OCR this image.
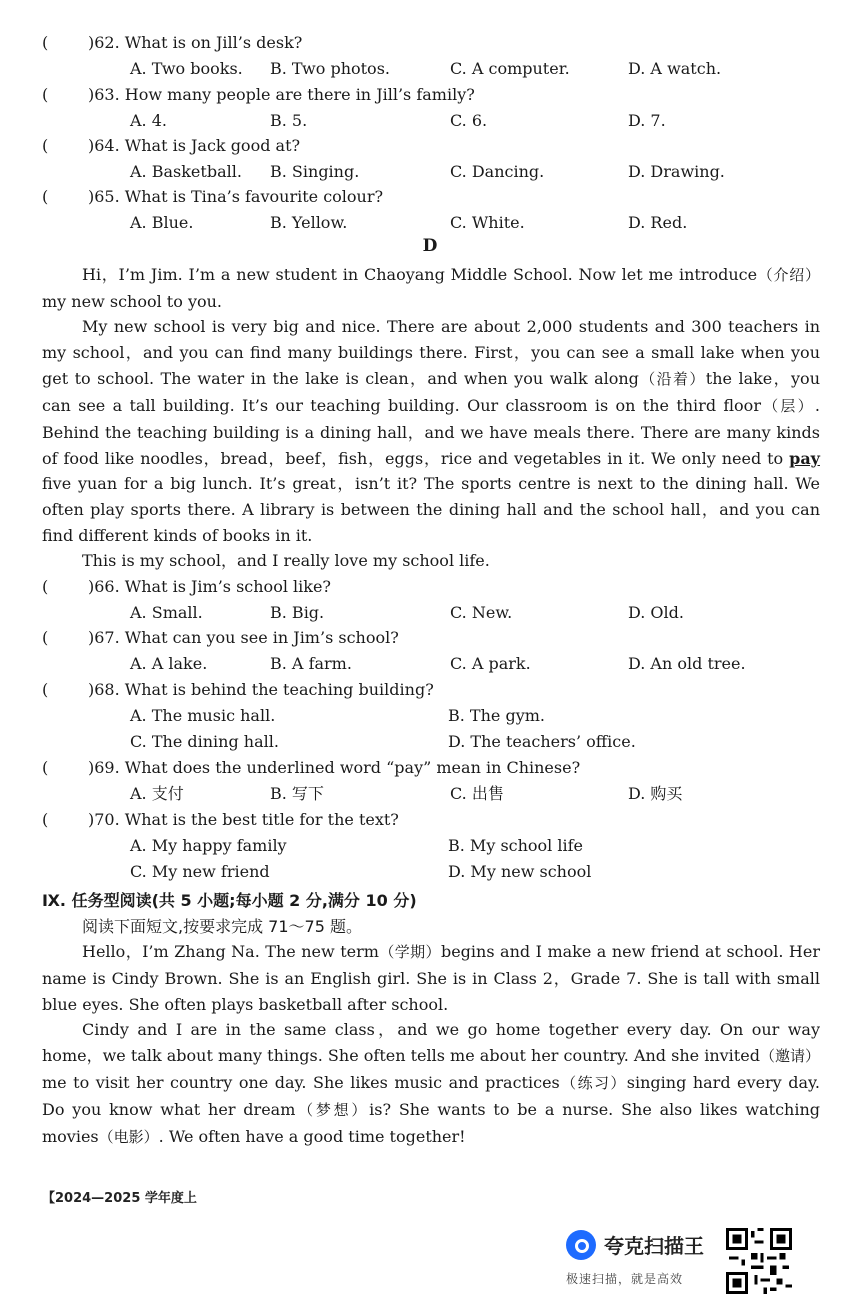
( )62. What is on Jill’s desk?
A. Two books. B. Two photos.	C. A computer.	D. A watch.
( )63. How many people are there in Jill’s family?
A. 4.	B. 5.	C. 6.	D. 7.
( )64. What is Jack good at?
A. Basketball. B. Singing.	C. Dancing.	D. Drawing.
( )65. What is Tina’s favourite colour?
A. Blue.	B. Yellow.	C. White.	D. Red.
D
Hi，I’m Jim. I’m a new student in Chaoyang Middle School. Now let me introduce（介绍）my new school to you.
My new school is very big and nice. There are about 2,000 students and 300 teachers in my school，and you can find many buildings there. First，you can see a small lake when you get to school. The water in the lake is clean，and when you walk along（沿着）the lake，you can see a tall building. It’s our teaching building. Our classroom is on the third floor（层）. Behind the teaching building is a dining hall，and we have meals there. There are many kinds of food like noodles，bread，beef，fish，eggs，rice and vegetables in it. We only need to pay five yuan for a big lunch. It’s great，isn’t it? The sports centre is next to the dining hall. We often play sports there. A library is between the dining hall and the school hall，and you can find different kinds of books in it.
This is my school，and I really love my school life.
( )66. What is Jim’s school like?
A. Small.	B. Big.	C. New.	D. Old.
( )67. What can you see in Jim’s school?
A. A lake.	B. A farm.	C. A park.	D. An old tree.
( )68. What is behind the teaching building?
A. The music hall.	B. The gym.
C. The dining hall.	D. The teachers’ office.
( )69. What does the underlined word “pay” mean in Chinese?
A. 支付	B. 写下	C. 出售	D. 购买
( )70. What is the best title for the text?
A. My happy family	B. My school life
C. My new friend	D. My new school
Ⅸ. 任务型阅读(共 5 小题;每小题 2 分,满分 10 分)
阅读下面短文,按要求完成 71～75 题。
Hello，I’m Zhang Na. The new term（学期）begins and I make a new friend at school. Her name is Cindy Brown. She is an English girl. She is in Class 2，Grade 7. She is tall with small blue eyes. She often plays basketball after school.
Cindy and I are in the same class，and we go home together every day. On our way home，we talk about many things. She often tells me about her country. And she invited（邀请）me to visit her country one day. She likes music and practices（练习）singing hard every day. Do you know what her dream（梦想）is? She wants to be a nurse. She also likes watching movies（电影）. We often have a good time together!
【2024—2025 学年度上
夸克扫描王
极速扫描，就是高效
